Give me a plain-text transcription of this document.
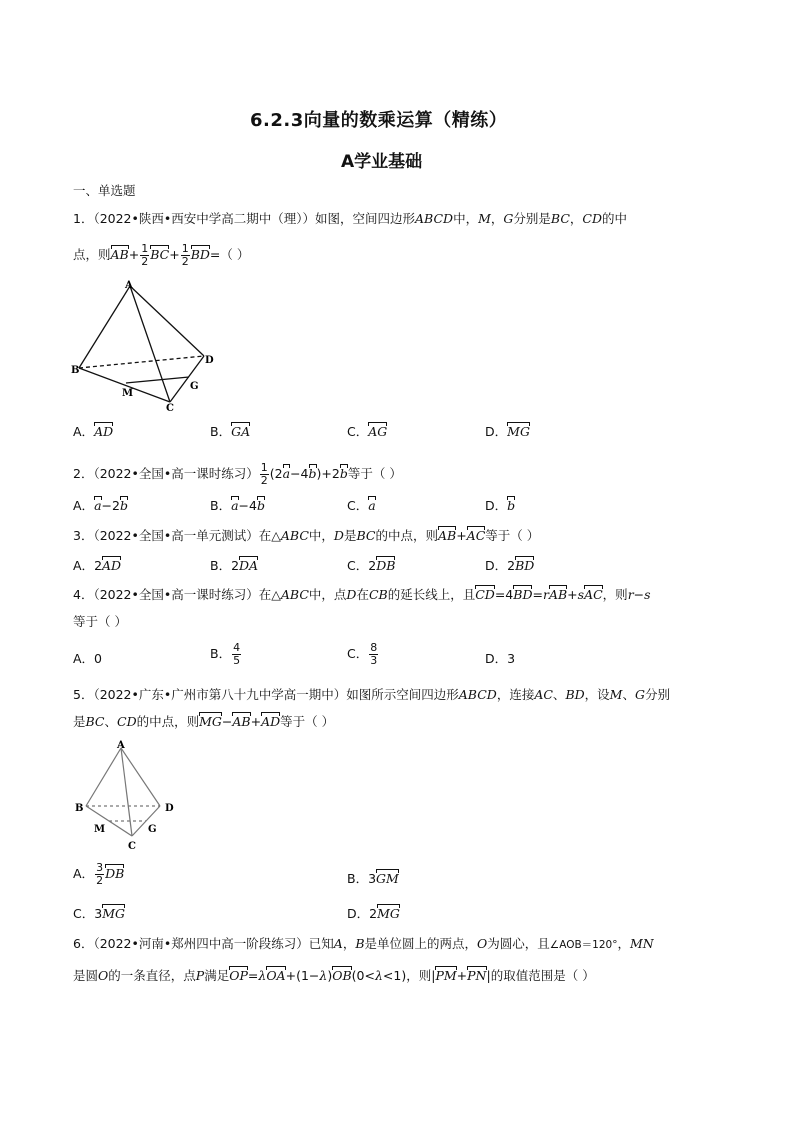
6.2.3向量的数乘运算（精练）
A学业基础
一、单选题
1．（2022•陕西•西安中学高二期中（理））如图，空间四边形ABCD中，M，G分别是BC，CD的中
点，则$AB+ \frac{1}{2} BC+ \frac{1}{2} BD=$（ ）
A
B
D
M
G
C
A．AD	B．GA	C．AG	D．MG
2．（2022•全国•高一课时练习） $\frac{1}{2} (2a-4b)+2b$等于（ ）
A．a−2b	B．a−4b	C．a	D．b
3．（2022•全国•高一单元测试）在△ABC中，D是BC的中点，则AB+AC等于（ ）
A．2AD	B．2DA	C．2DB	D．2BD
4．（2022•全国•高一课时练习）在△ABC中，点D在CB的延长线上，且CD=4BD=rAB+sAC，则r−s
等于（ ）
A．0	B． $\frac{4}{5}$	C． $\frac{8}{3}$	D．3
5．（2022•广东•广州市第八十九中学高一期中）如图所示空间四边形ABCD，连接AC、BD，设M、G分别
是BC、CD的中点，则MG−AB+AD等于（ ）
A
B	D
M	G
C
A． $\frac{3}{2}$ DB	B．3GM
C．3MG	D．2MG
6．（2022•河南•郑州四中高一阶段练习）已知A，B是单位圆上的两点，O为圆心，且∠AOB＝120°，MN
是圆O的一条直径，点P满足OP=λOA+(1−λ)OB(0<λ<1)，则|PM+PN|的取值范围是（ ）
